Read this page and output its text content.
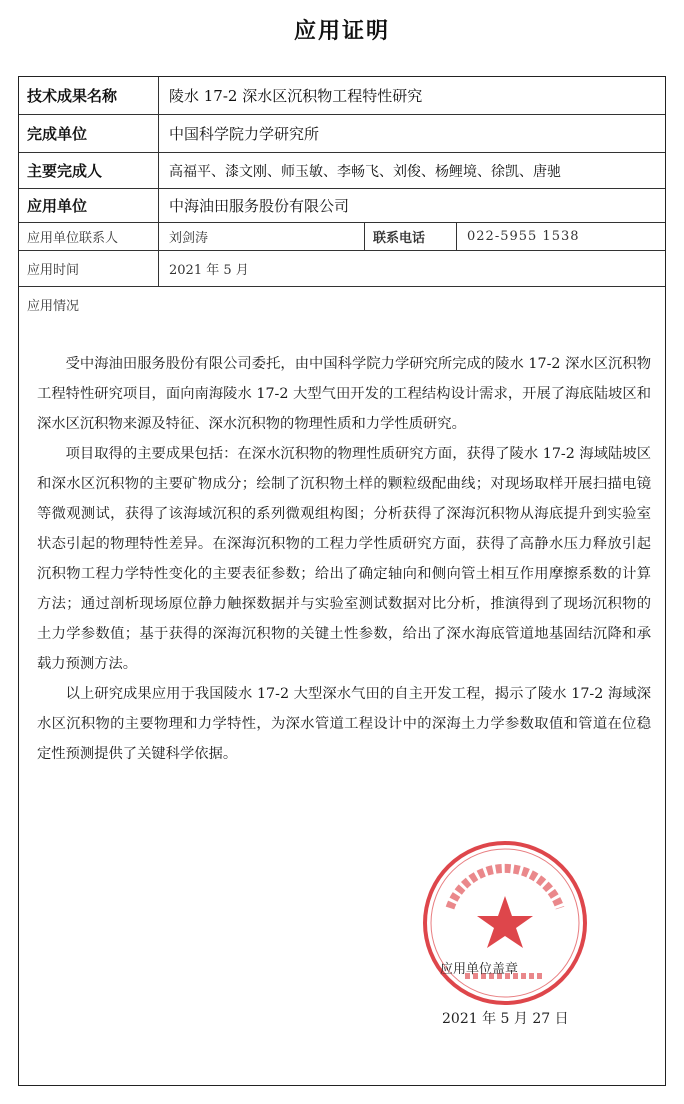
应用证明
技术成果名称	陵水 17-2 深水区沉积物工程特性研究
完成单位	中国科学院力学研究所
主要完成人	高福平、漆文刚、师玉敏、李畅飞、刘俊、杨鲤境、徐凯、唐驰
应用单位	中海油田服务股份有限公司
应用单位联系人	刘剑涛	联系电话	022-5955 1538
应用时间	2021 年 5 月
应用情况

受中海油田服务股份有限公司委托，由中国科学院力学研究所完成的陵水 17-2 深水区沉积物工程特性研究项目，面向南海陵水 17-2 大型气田开发的工程结构设计需求，开展了海底陆坡区和深水区沉积物来源及特征、深水沉积物的物理性质和力学性质研究。

项目取得的主要成果包括：在深水沉积物的物理性质研究方面，获得了陵水 17-2 海域陆坡区和深水区沉积物的主要矿物成分；绘制了沉积物土样的颗粒级配曲线；对现场取样开展扫描电镜等微观测试，获得了该海域沉积的系列微观组构图；分析获得了深海沉积物从海底提升到实验室状态引起的物理特性差异。在深海沉积物的工程力学性质研究方面，获得了高静水压力释放引起沉积物工程力学特性变化的主要表征参数；给出了确定轴向和侧向管土相互作用摩擦系数的计算方法；通过剖析现场原位静力触探数据并与实验室测试数据对比分析，推演得到了现场沉积物的土力学参数值；基于获得的深海沉积物的关键土性参数，给出了深水海底管道地基固结沉降和承载力预测方法。

以上研究成果应用于我国陵水 17-2 大型深水气田的自主开发工程，揭示了陵水 17-2 海域深水区沉积物的主要物理和力学特性，为深水管道工程设计中的深海土力学参数取值和管道在位稳定性预测提供了关键科学依据。

应用单位盖章
2021 年 5 月 27 日
